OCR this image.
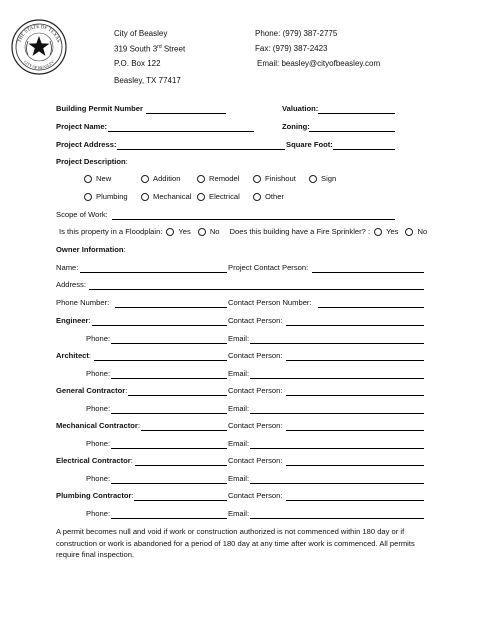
THE STATE OF TEXAS
CITY OF BEASLEY
City of Beasley
319 South 3rd Street
P.O. Box 122
Beasley, TX 77417
Phone: (979) 387-2775
Fax: (979) 387-2423
Email: beasley@cityofbeasley.com
Building Permit Number	Valuation:
Project Name:	Zoning:
Project Address:	Square Foot:
Project Description:
New	Addition	Remodel	Finishout	Sign
Plumbing	Mechanical Electrical	Other
Scope of Work:
Is this property in a Floodplain: Yes	No Does this building have a Fire Sprinkler? : Yes	No
Owner Information:
Name:	Project Contact Person:
Address:
Phone Number:	Contact Person Number:
Engineer:	Contact Person:
Phone:	Email:
Architect:	Contact Person:
Phone:	Email:
General Contractor:	Contact Person:
Phone:	Email:
Mechanical Contractor:	Contact Person:
Phone:	Email:
Electrical Contractor:	Contact Person:
Phone:	Email:
Plumbing Contractor:	Contact Person:
Phone:	Email:
A permit becomes null and void if work or construction authorized is not commenced within 180 day or if construction or work is abandoned for a period of 180 day at any time after work is commenced. All permits require final inspection.
